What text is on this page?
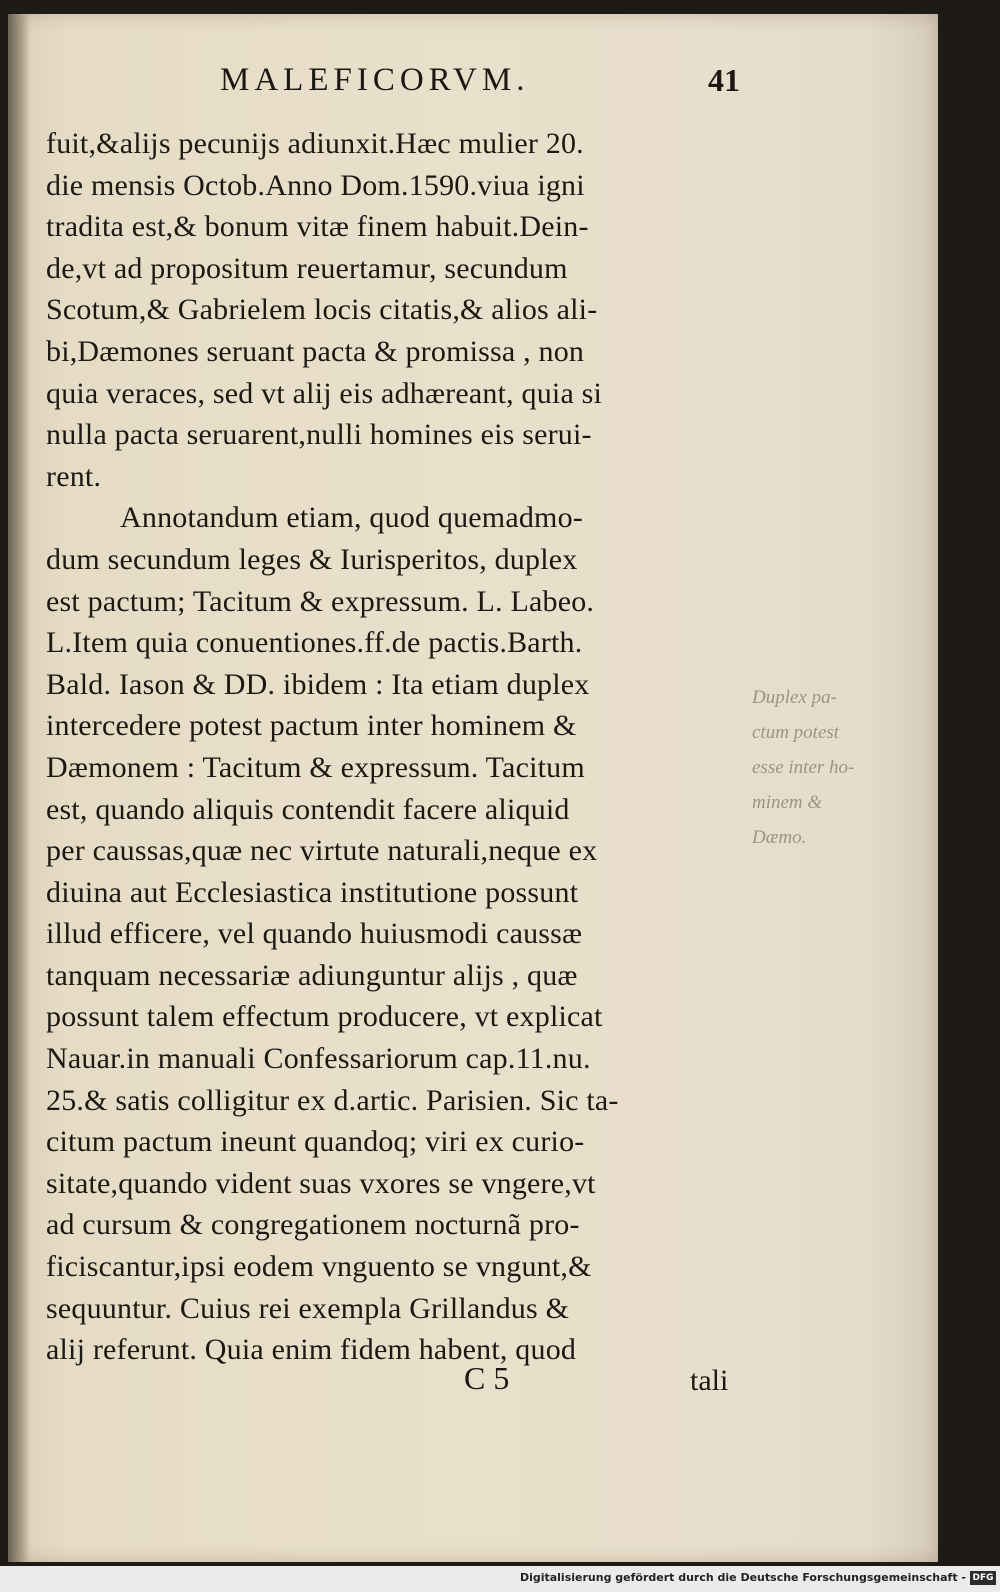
MALEFICORVM.	41
fuit,&alijs pecunijs adiunxit.Hæc mulier 20.
die mensis Octob.Anno Dom.1590.viua igni
tradita est,& bonum vitæ finem habuit.Dein-
de,vt ad propositum reuertamur, secundum
Scotum,& Gabrielem locis citatis,& alios ali-
bi,Dæmones seruant pacta & promissa , non
quia veraces, sed vt alij eis adhæreant, quia si
nulla pacta seruarent,nulli homines eis serui-
rent.
Annotandum etiam, quod quemadmo-
dum secundum leges & Iurisperitos, duplex
est pactum; Tacitum & expressum. L. Labeo.
L.Item quia conuentiones.ff.de pactis.Barth.
Bald. Iason & DD. ibidem : Ita etiam duplex
intercedere potest pactum inter hominem &
Dæmonem : Tacitum & expressum. Tacitum
est, quando aliquis contendit facere aliquid
per caussas,quæ nec virtute naturali,neque ex
diuina aut Ecclesiastica institutione possunt
illud efficere, vel quando huiusmodi caussæ
tanquam necessariæ adiunguntur alijs , quæ
possunt talem effectum producere, vt explicat
Nauar.in manuali Confessariorum cap.11.nu.
25.& satis colligitur ex d.artic. Parisien. Sic ta-
citum pactum ineunt quandoq; viri ex curio-
sitate,quando vident suas vxores se vngere,vt
ad cursum & congregationem nocturnã pro-
ficiscantur,ipsi eodem vnguento se vngunt,&
sequuntur. Cuius rei exempla Grillandus &
alij referunt. Quia enim fidem habent, quod
Duplex pa-
ctum potest
esse inter ho-
minem &
Dæmo.
C 5	tali
Digitalisierung gefördert durch die Deutsche Forschungsgemeinschaft - DFG
